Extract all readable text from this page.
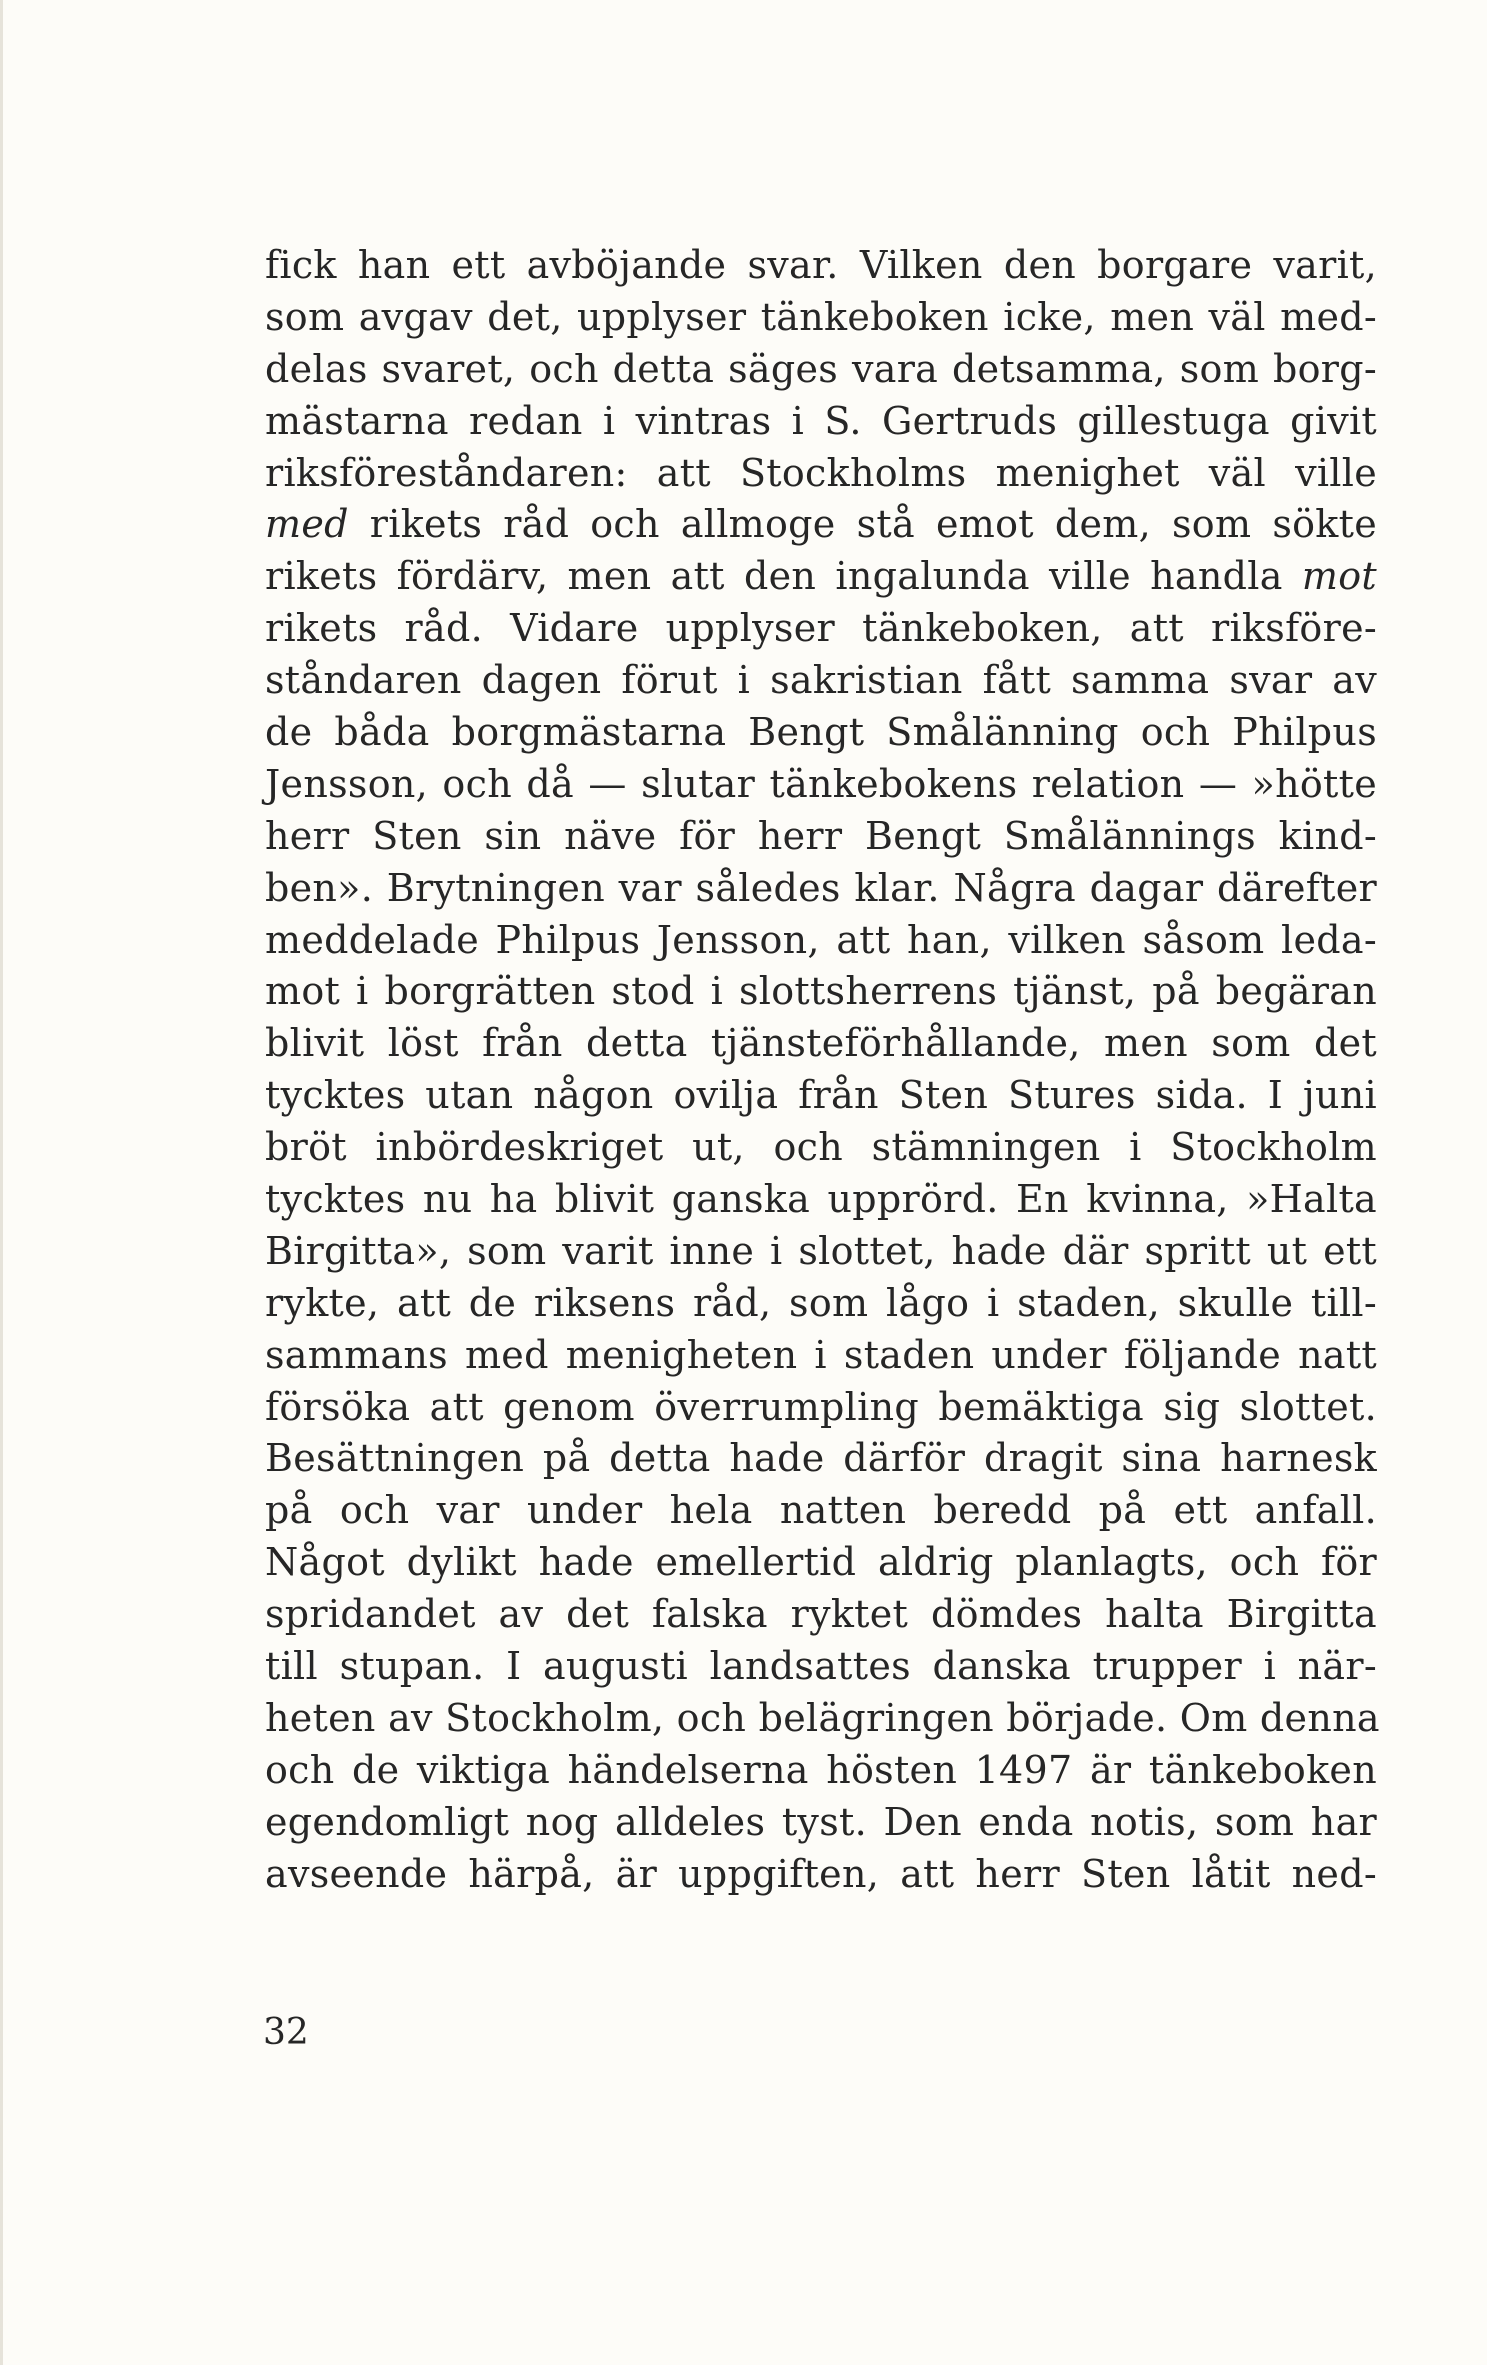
fick han ett avböjande svar. Vilken den borgare varit,
som avgav det, upplyser tänkeboken icke, men väl med-
delas svaret, och detta säges vara detsamma, som borg-
mästarna redan i vintras i S. Gertruds gillestuga givit
riksföreståndaren: att Stockholms menighet väl ville
med rikets råd och allmoge stå emot dem, som sökte
rikets fördärv, men att den ingalunda ville handla mot
rikets råd. Vidare upplyser tänkeboken, att riksföre-
ståndaren dagen förut i sakristian fått samma svar av
de båda borgmästarna Bengt Smålänning och Philpus
Jensson, och då — slutar tänkebokens relation — »hötte
herr Sten sin näve för herr Bengt Smålännings kind-
ben». Brytningen var således klar. Några dagar därefter
meddelade Philpus Jensson, att han, vilken såsom leda-
mot i borgrätten stod i slottsherrens tjänst, på begäran
blivit löst från detta tjänsteförhållande, men som det
tycktes utan någon ovilja från Sten Stures sida. I juni
bröt inbördeskriget ut, och stämningen i Stockholm
tycktes nu ha blivit ganska upprörd. En kvinna, »Halta
Birgitta», som varit inne i slottet, hade där spritt ut ett
rykte, att de riksens råd, som lågo i staden, skulle till-
sammans med menigheten i staden under följande natt
försöka att genom överrumpling bemäktiga sig slottet.
Besättningen på detta hade därför dragit sina harnesk
på och var under hela natten beredd på ett anfall.
Något dylikt hade emellertid aldrig planlagts, och för
spridandet av det falska ryktet dömdes halta Birgitta
till stupan. I augusti landsattes danska trupper i när-
heten av Stockholm, och belägringen började. Om denna
och de viktiga händelserna hösten 1497 är tänkeboken
egendomligt nog alldeles tyst. Den enda notis, som har
avseende härpå, är uppgiften, att herr Sten låtit ned-
32
